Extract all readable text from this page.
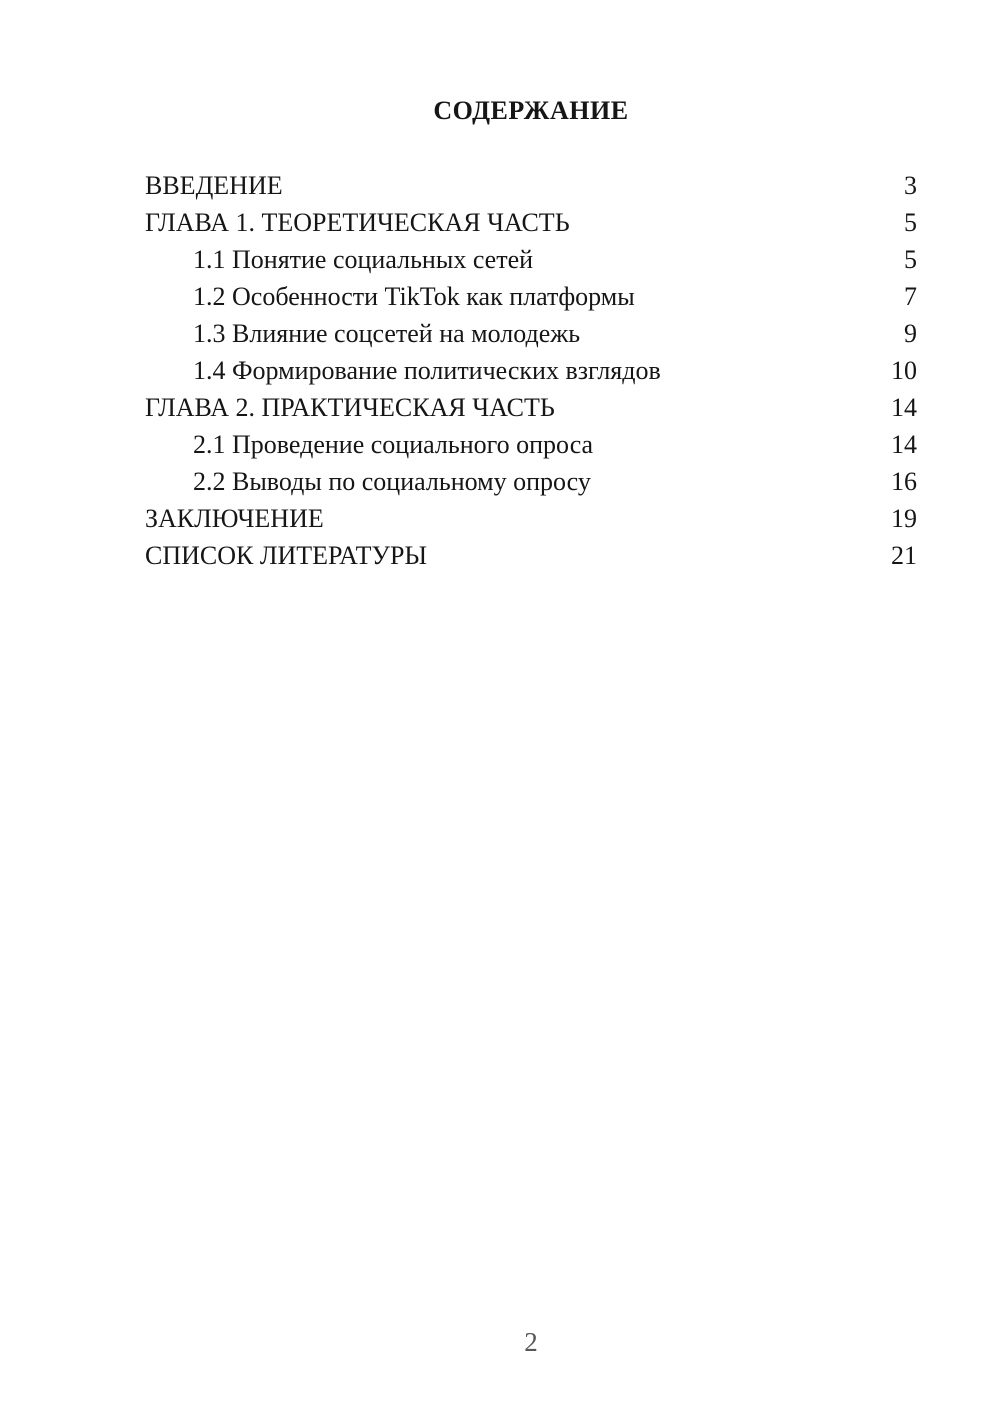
СОДЕРЖАНИЕ
ВВЕДЕНИЕ	3
ГЛАВА 1. ТЕОРЕТИЧЕСКАЯ ЧАСТЬ	5
1.1 Понятие социальных сетей	5
1.2 Особенности TikTok как платформы	7
1.3 Влияние соцсетей на молодежь	9
1.4 Формирование политических взглядов	10
ГЛАВА 2. ПРАКТИЧЕСКАЯ ЧАСТЬ	14
2.1 Проведение социального опроса	14
2.2 Выводы по социальному опросу	16
ЗАКЛЮЧЕНИЕ	19
СПИСОК ЛИТЕРАТУРЫ	21
2
